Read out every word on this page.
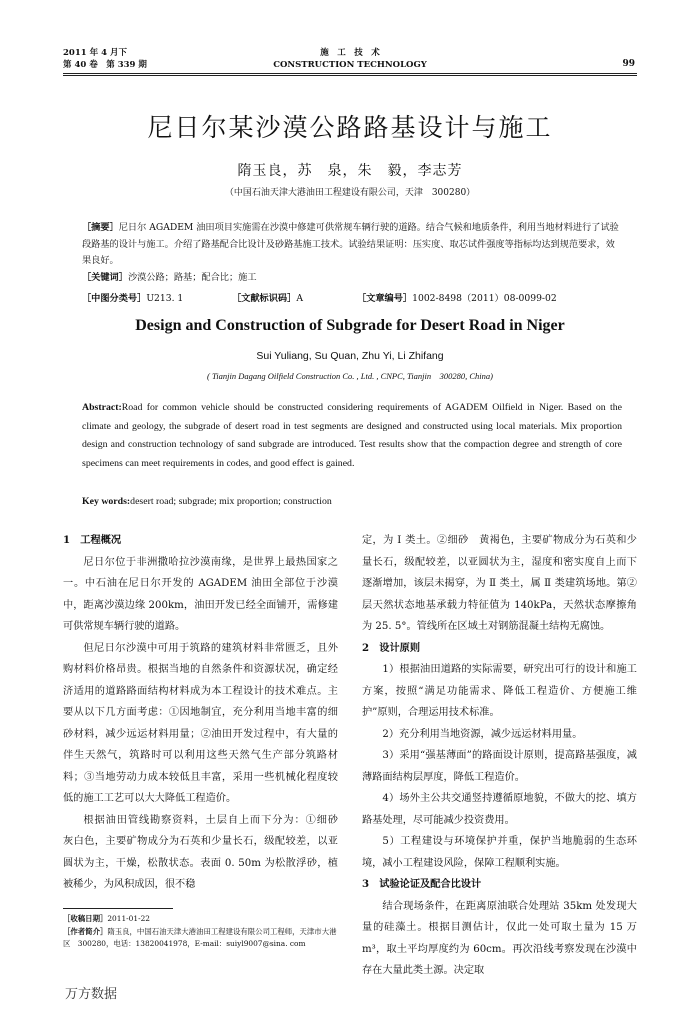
2011 年 4 月下
第 40 卷　第 339 期
施　工　技　术
CONSTRUCTION TECHNOLOGY	99
尼日尔某沙漠公路路基设计与施工
隋玉良，苏　泉，朱　毅，李志芳
（中国石油天津大港油田工程建设有限公司，天津　300280）
［摘要］尼日尔 AGADEM 油田项目实施需在沙漠中修建可供常规车辆行驶的道路。结合气候和地质条件，利用当地材料进行了试验段路基的设计与施工。介绍了路基配合比设计及砂路基施工技术。试验结果证明：压实度、取芯试件强度等指标均达到规范要求，效果良好。
［关键词］沙漠公路；路基；配合比；施工
［中图分类号］U213. 1	［文献标识码］A	［文章编号］1002-8498（2011）08-0099-02
Design and Construction of Subgrade for Desert Road in Niger
Sui Yuliang, Su Quan, Zhu Yi, Li Zhifang
( Tianjin Dagang Oilfield Construction Co. , Ltd. , CNPC, Tianjin　300280, China)
Abstract:Road for common vehicle should be constructed considering requirements of AGADEM Oilfield in Niger. Based on the climate and geology, the subgrade of desert road in test segments are designed and constructed using local materials. Mix proportion design and construction technology of sand subgrade are introduced. Test results show that the compaction degree and strength of core specimens can meet requirements in codes, and good effect is gained.
Key words:desert road; subgrade; mix proportion; construction
1　工程概况

尼日尔位于非洲撒哈拉沙漠南缘，是世界上最热国家之一。中石油在尼日尔开发的 AGADEM 油田全部位于沙漠中，距离沙漠边缘 200km，油田开发已经全面铺开，需修建可供常规车辆行驶的道路。

但尼日尔沙漠中可用于筑路的建筑材料非常匮乏，且外购材料价格昂贵。根据当地的自然条件和资源状况，确定经济适用的道路路面结构材料成为本工程设计的技术难点。主要从以下几方面考虑：①因地制宜，充分利用当地丰富的细砂材料，减少远运材料用量；②油田开发过程中，有大量的伴生天然气，筑路时可以利用这些天然气生产部分筑路材料；③当地劳动力成本较低且丰富，采用一些机械化程度较低的施工工艺可以大大降低工程造价。

根据油田管线勘察资料，土层自上而下分为：①细砂　灰白色，主要矿物成分为石英和少量长石，级配较差，以亚圆状为主，干燥，松散状态。表面 0. 50m 为松散浮砂，植被稀少，为风积成因，很不稳

定，为 Ⅰ 类土。②细砂　黄褐色，主要矿物成分为石英和少量长石，级配较差，以亚圆状为主，湿度和密实度自上而下逐渐增加，该层未揭穿，为 Ⅱ 类土，属 Ⅱ 类建筑场地。第②层天然状态地基承载力特征值为 140kPa，天然状态摩擦角为 25. 5°。管线所在区域土对钢筋混凝土结构无腐蚀。

2　设计原则

1）根据油田道路的实际需要，研究出可行的设计和施工方案，按照“满足功能需求、降低工程造价、方便施工维护”原则，合理运用技术标准。

2）充分利用当地资源，减少远运材料用量。

3）采用“强基薄面”的路面设计原则，提高路基强度，减薄路面结构层厚度，降低工程造价。

4）场外主公共交通竖持遵循原地貌，不做大的挖、填方路基处理，尽可能减少投资费用。

5）工程建设与环境保护并重，保护当地脆弱的生态环境，减小工程建设风险，保障工程顺利实施。

3　试验论证及配合比设计

结合现场条件，在距离原油联合处理站 35km 处发现大量的硅藻土。根据目测估计，仅此一处可取土量为 15 万 m³，取土平均厚度约为 60cm。再次沿线考察发现在沙漠中存在大量此类土源。决定取

［收稿日期］2011-01-22
［作者简介］隋玉良，中国石油天津大港油田工程建设有限公司工程师，天津市大港区　300280，电话：13820041978，E-mail：suiyl9007@sina. com
万方数据
